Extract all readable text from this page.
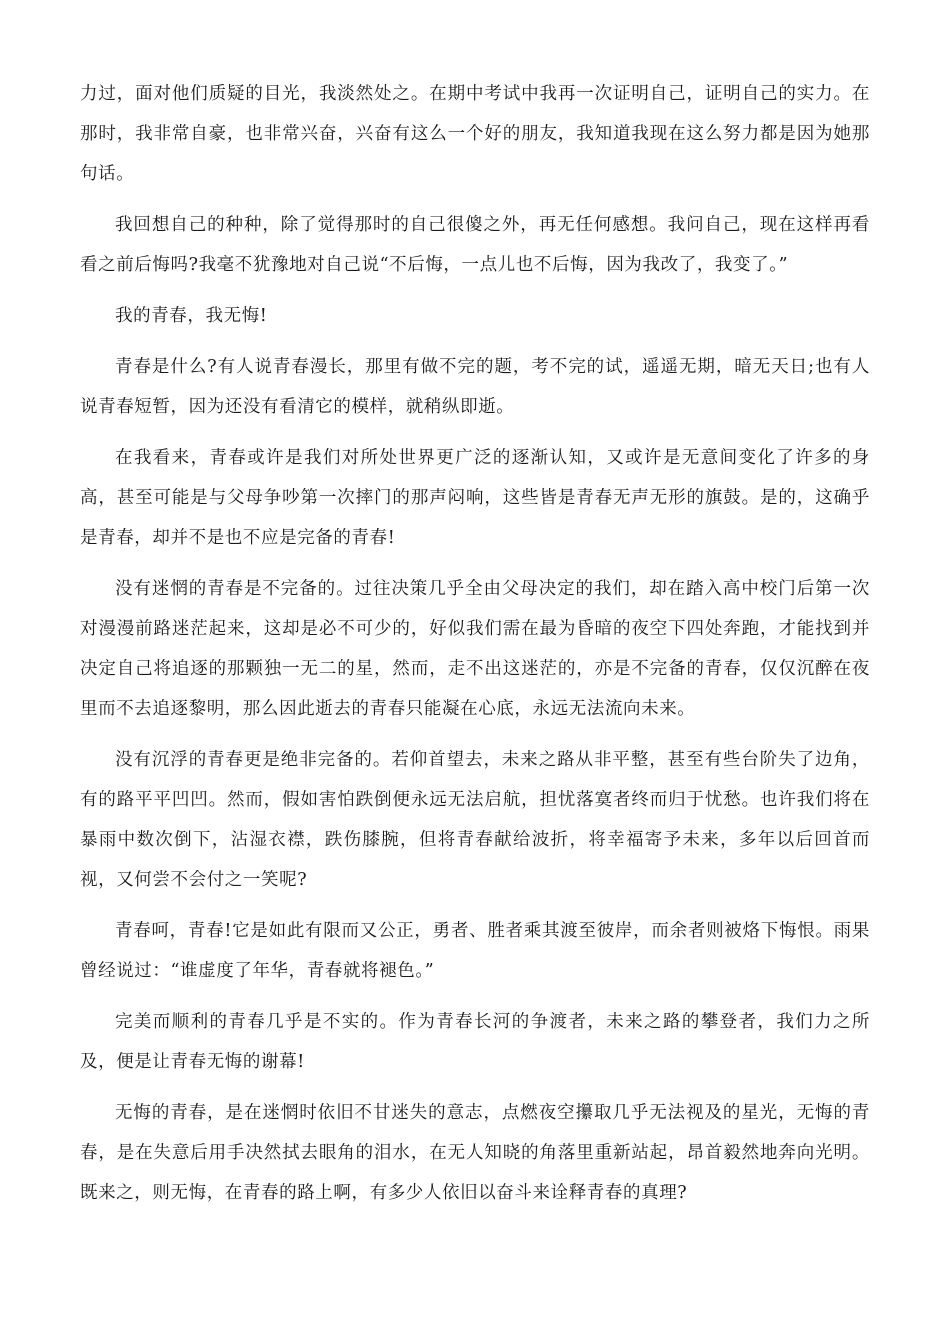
力过，面对他们质疑的目光，我淡然处之。在期中考试中我再一次证明自己，证明自己的实力。在那时，我非常自豪，也非常兴奋，兴奋有这么一个好的朋友，我知道我现在这么努力都是因为她那句话。

我回想自己的种种，除了觉得那时的自己很傻之外，再无任何感想。我问自己，现在这样再看看之前后悔吗?我毫不犹豫地对自己说“不后悔，一点儿也不后悔，因为我改了，我变了。”

我的青春，我无悔!

青春是什么?有人说青春漫长，那里有做不完的题，考不完的试，遥遥无期，暗无天日;也有人说青春短暂，因为还没有看清它的模样，就稍纵即逝。

在我看来，青春或许是我们对所处世界更广泛的逐渐认知，又或许是无意间变化了许多的身高，甚至可能是与父母争吵第一次摔门的那声闷响，这些皆是青春无声无形的旗鼓。是的，这确乎是青春，却并不是也不应是完备的青春!

没有迷惘的青春是不完备的。过往决策几乎全由父母决定的我们，却在踏入高中校门后第一次对漫漫前路迷茫起来，这却是必不可少的，好似我们需在最为昏暗的夜空下四处奔跑，才能找到并决定自己将追逐的那颗独一无二的星，然而，走不出这迷茫的，亦是不完备的青春，仅仅沉醉在夜里而不去追逐黎明，那么因此逝去的青春只能凝在心底，永远无法流向未来。

没有沉浮的青春更是绝非完备的。若仰首望去，未来之路从非平整，甚至有些台阶失了边角，有的路平平凹凹。然而，假如害怕跌倒便永远无法启航，担忧落寞者终而归于忧愁。也许我们将在暴雨中数次倒下，沾湿衣襟，跌伤膝腕，但将青春献给波折，将幸福寄予未来，多年以后回首而视，又何尝不会付之一笑呢?

青春呵，青春!它是如此有限而又公正，勇者、胜者乘其渡至彼岸，而余者则被烙下悔恨。雨果曾经说过：“谁虚度了年华，青春就将褪色。”

完美而顺利的青春几乎是不实的。作为青春长河的争渡者，未来之路的攀登者，我们力之所及，便是让青春无悔的谢幕!

无悔的青春，是在迷惘时依旧不甘迷失的意志，点燃夜空攥取几乎无法视及的星光，无悔的青春，是在失意后用手决然拭去眼角的泪水，在无人知晓的角落里重新站起，昂首毅然地奔向光明。既来之，则无悔，在青春的路上啊，有多少人依旧以奋斗来诠释青春的真理?
